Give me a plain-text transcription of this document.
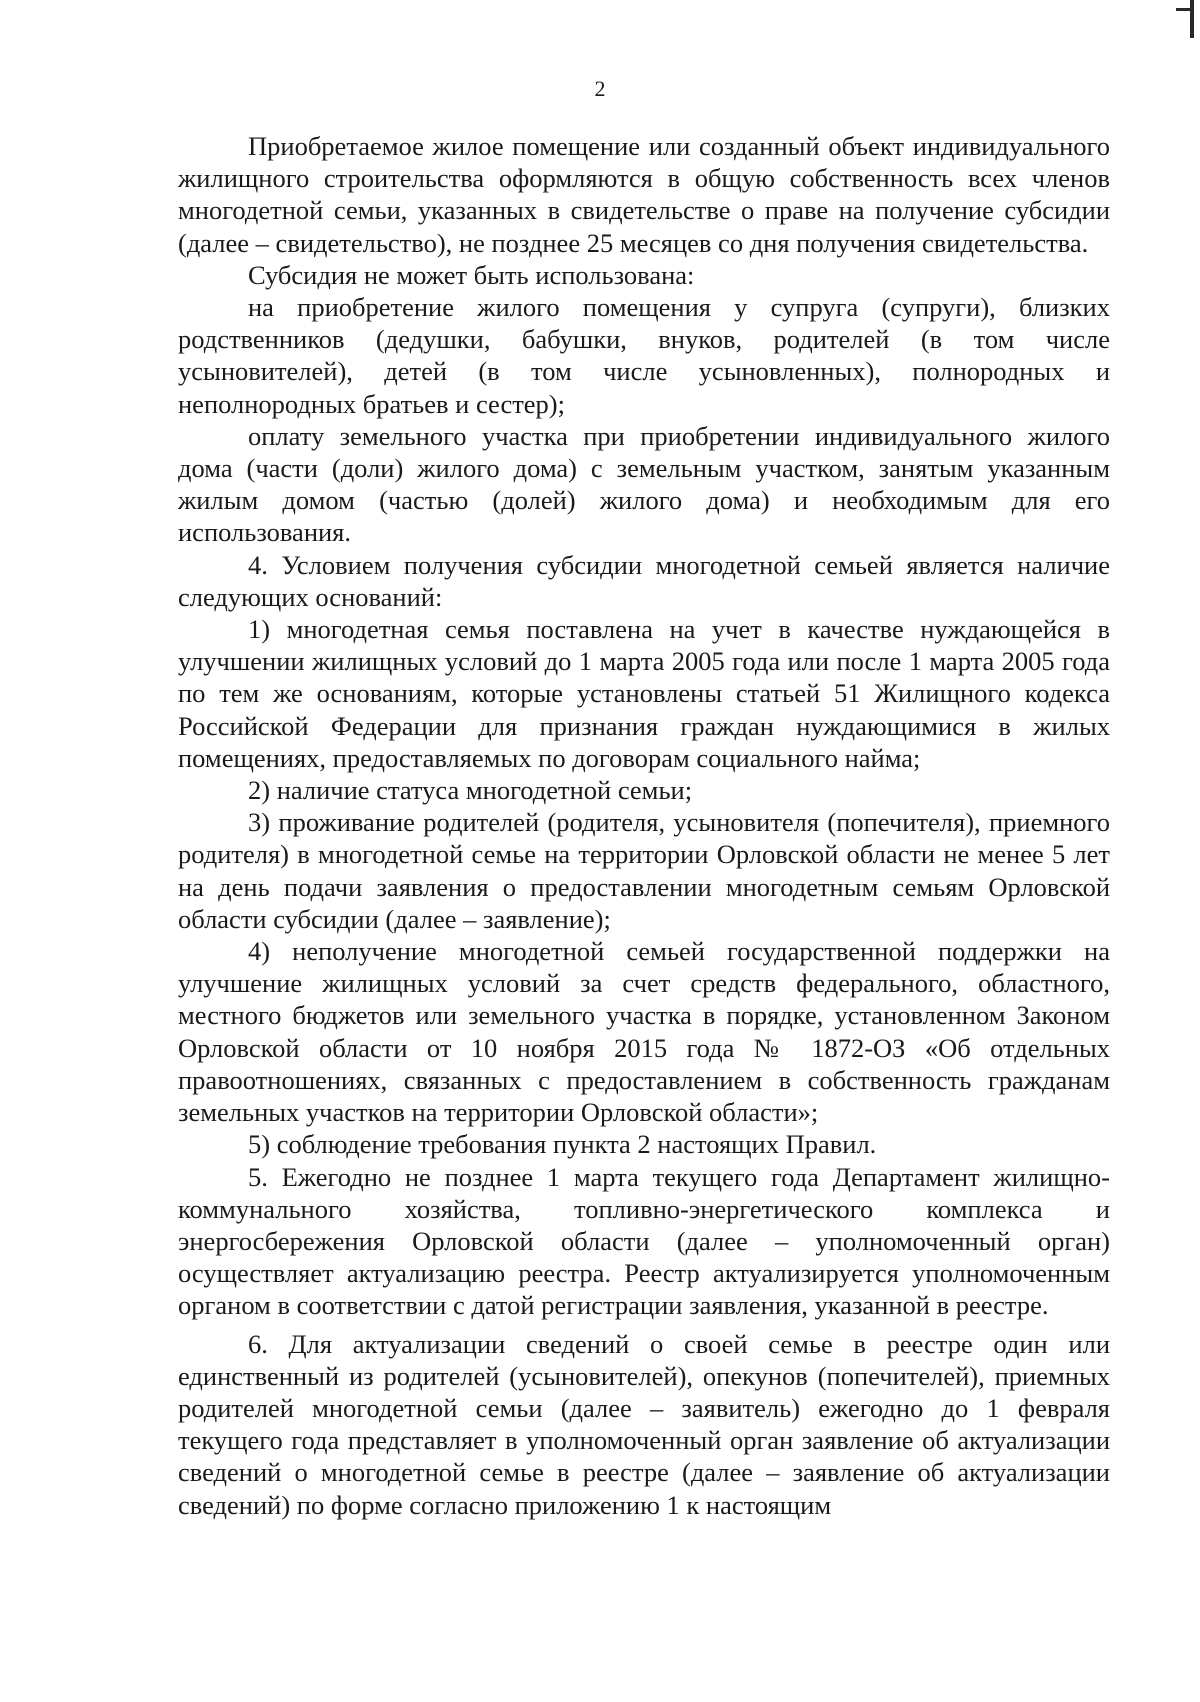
2

Приобретаемое жилое помещение или созданный объект индивидуального жилищного строительства оформляются в общую собственность всех членов многодетной семьи, указанных в свидетельстве о праве на получение субсидии (далее – свидетельство), не позднее 25 месяцев со дня получения свидетельства.

Субсидия не может быть использована:

на приобретение жилого помещения у супруга (супруги), близких родственников (дедушки, бабушки, внуков, родителей (в том числе усыновителей), детей (в том числе усыновленных), полнородных и неполнородных братьев и сестер);

оплату земельного участка при приобретении индивидуального жилого дома (части (доли) жилого дома) с земельным участком, занятым указанным жилым домом (частью (долей) жилого дома) и необходимым для его использования.

4. Условием получения субсидии многодетной семьей является наличие следующих оснований:

1) многодетная семья поставлена на учет в качестве нуждающейся в улучшении жилищных условий до 1 марта 2005 года или после 1 марта 2005 года по тем же основаниям, которые установлены статьей 51 Жилищного кодекса Российской Федерации для признания граждан нуждающимися в жилых помещениях, предоставляемых по договорам социального найма;

2) наличие статуса многодетной семьи;

3) проживание родителей (родителя, усыновителя (попечителя), приемного родителя) в многодетной семье на территории Орловской области не менее 5 лет на день подачи заявления о предоставлении многодетным семьям Орловской области субсидии (далее – заявление);

4) неполучение многодетной семьей государственной поддержки на улучшение жилищных условий за счет средств федерального, областного, местного бюджетов или земельного участка в порядке, установленном Законом Орловской области от 10 ноября 2015 года № 1872-ОЗ «Об отдельных правоотношениях, связанных с предоставлением в собственность гражданам земельных участков на территории Орловской области»;

5) соблюдение требования пункта 2 настоящих Правил.

5. Ежегодно не позднее 1 марта текущего года Департамент жилищно-коммунального хозяйства, топливно-энергетического комплекса и энергосбережения Орловской области (далее – уполномоченный орган) осуществляет актуализацию реестра. Реестр актуализируется уполномоченным органом в соответствии с датой регистрации заявления, указанной в реестре.

6. Для актуализации сведений о своей семье в реестре один или единственный из родителей (усыновителей), опекунов (попечителей), приемных родителей многодетной семьи (далее – заявитель) ежегодно до 1 февраля текущего года представляет в уполномоченный орган заявление об актуализации сведений о многодетной семье в реестре (далее – заявление об актуализации сведений) по форме согласно приложению 1 к настоящим
